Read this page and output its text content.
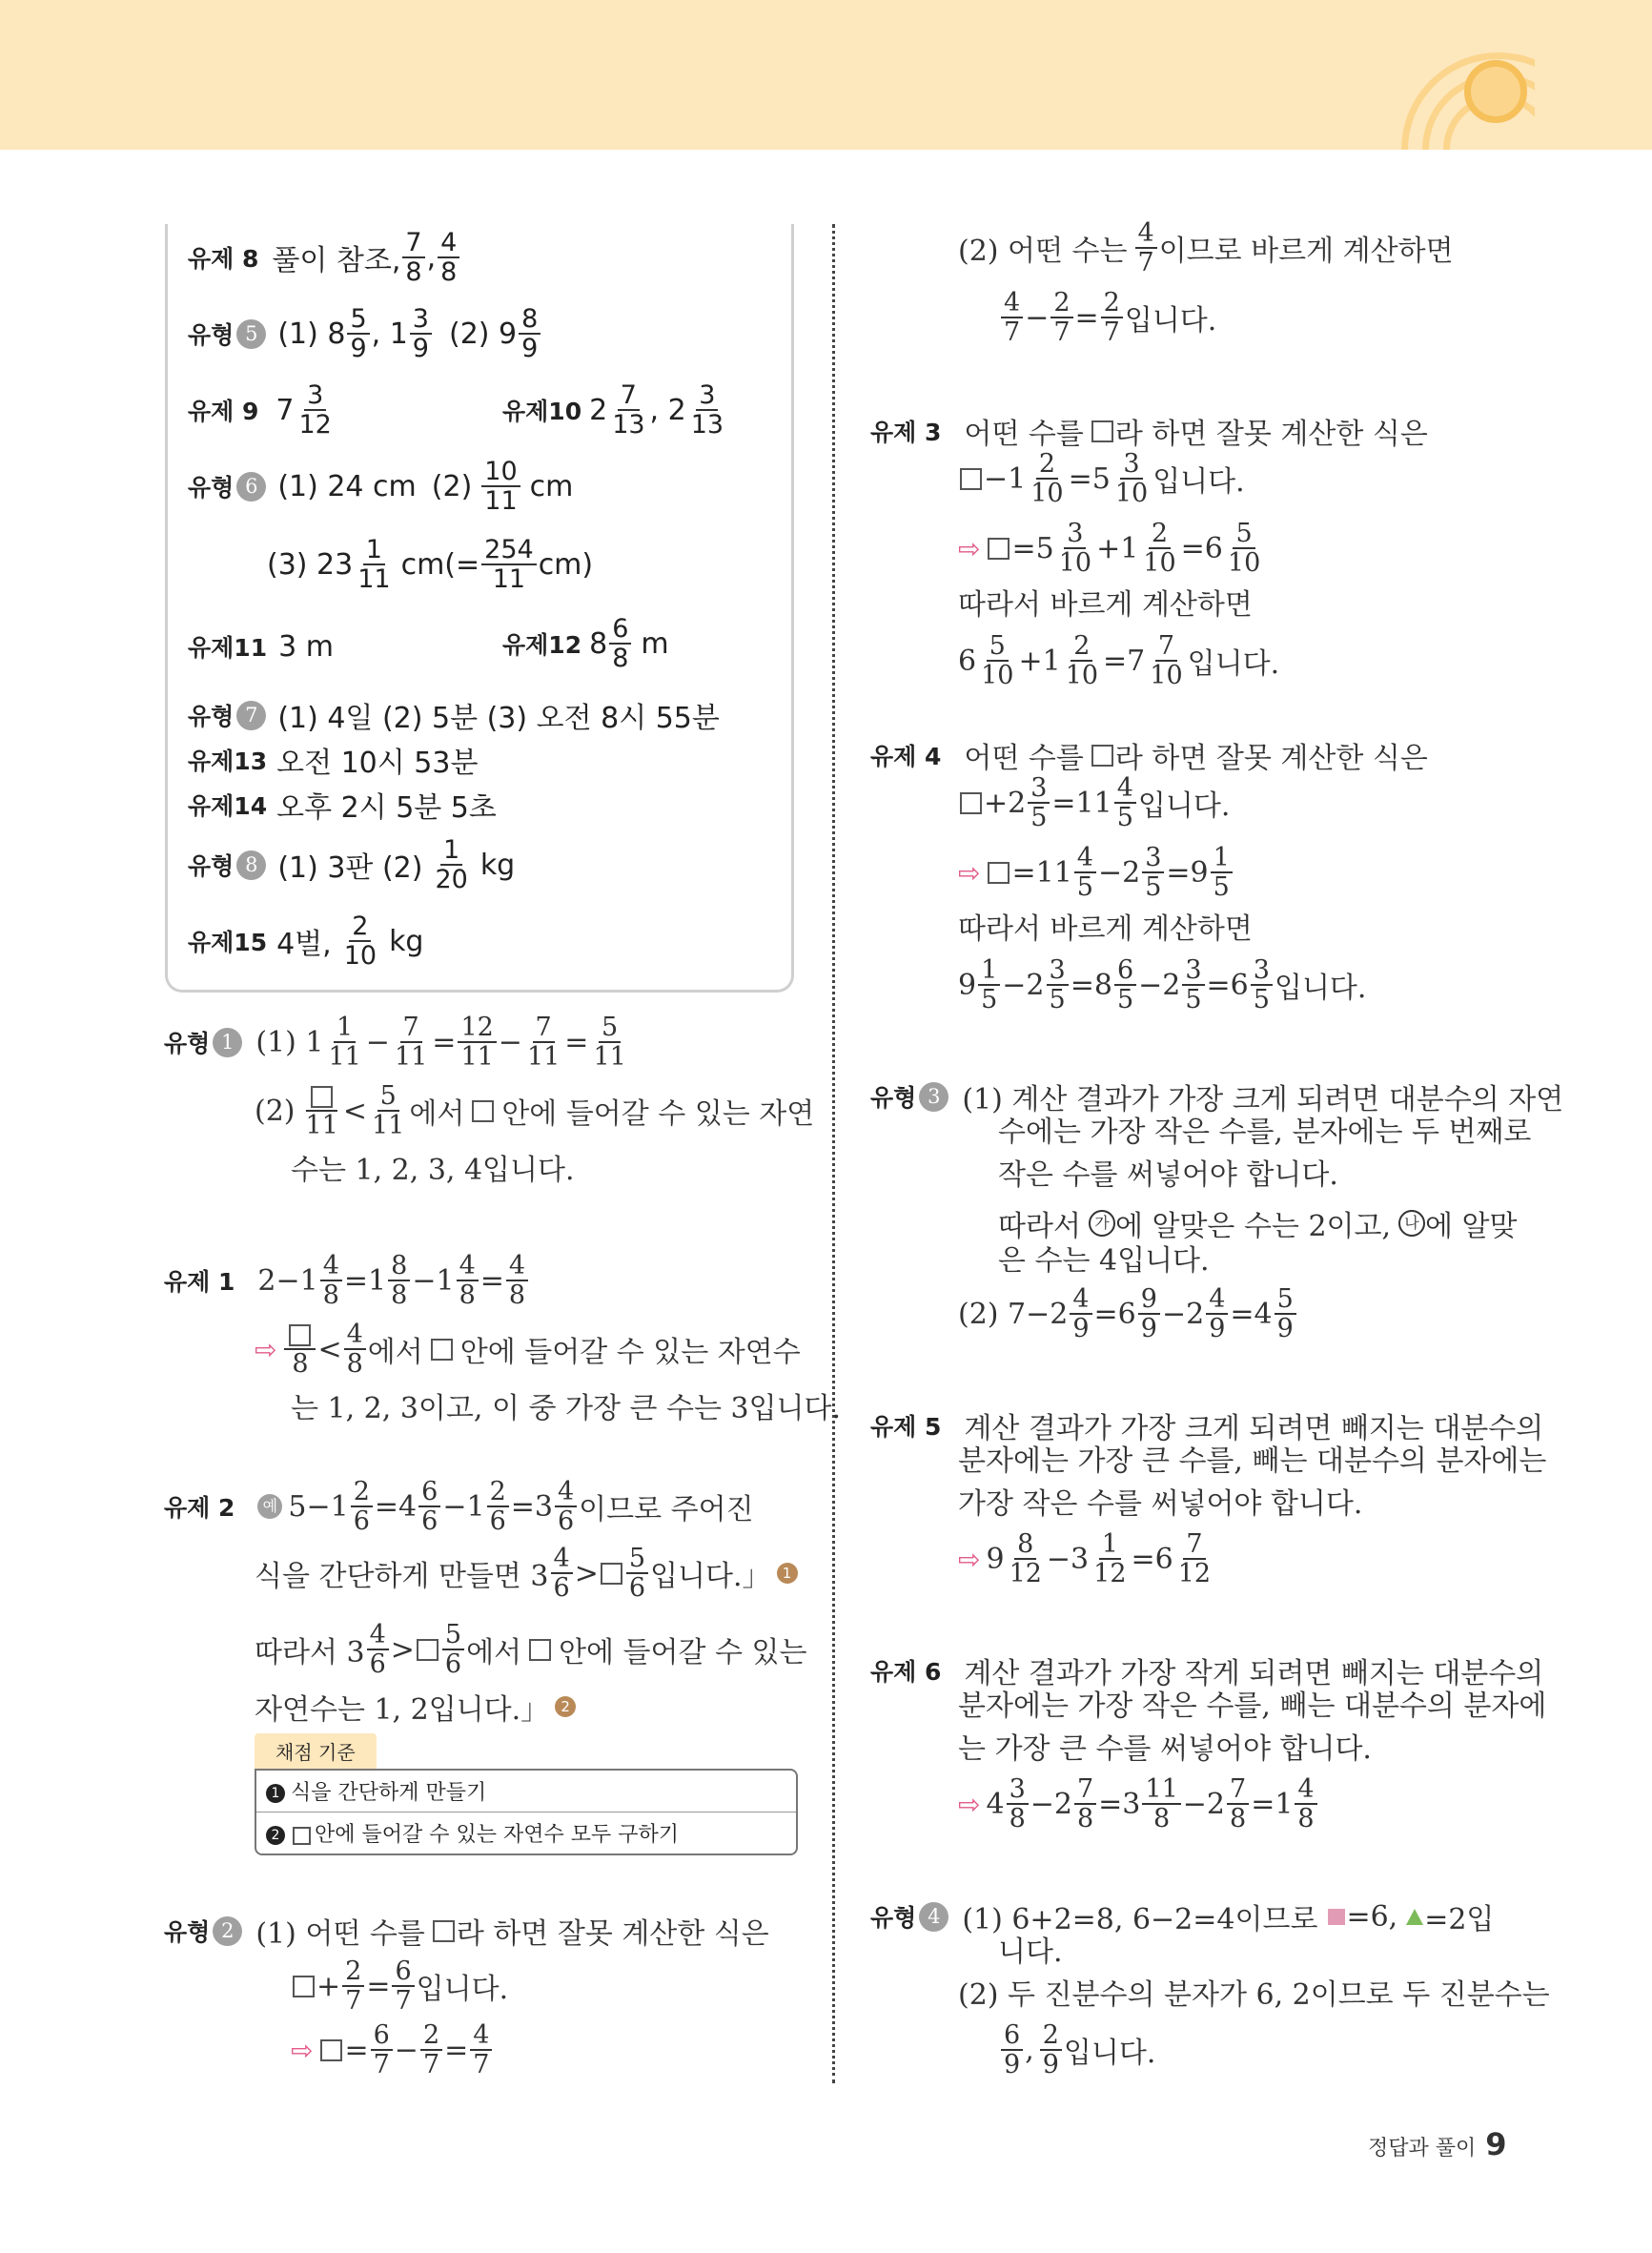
유제 8 풀이 참조, $\frac{7}{8}$ , $\frac{4}{8}$
유형 5 (1) $8 \frac{5}{9}$ , $1 \frac{3}{9} (2)$ $9 \frac{8}{9}$
유제 9 $7 \frac{3}{12}$	유제10 $2 \frac{7}{13}$ , $2 \frac{3}{13}$
유형 6 (1) 24 cm $(2) \frac{10}{11}$ cm
(3) $23 \frac{1}{11} cm(= \frac{254}{11} cm)$
유제11 3 m	유제12 $8 \frac{6}{8}$ m
유형 7 (1) 4일 (2) 5분 (3) 오전 8시 55분
유제13 오전 10시 53분
유제14 오후 2시 5분 5초
유형 8 (1) 3판 $(2) \frac{1}{20}$ kg
유제15 4벌, $\frac{2}{10}$ kg
유형 1 (1) $1 \frac{1}{11} - \frac{7}{11} = \frac{12}{11} - \frac{7}{11} = \frac{5}{11}$
(2) $11 < \frac{5}{11}$ 에서 안에 들어갈 수 있는 자연
수는 1, 2, 3, 4입니다.
유제 1 $2-1 \frac{4}{8} =1 \frac{8}{8} -1 \frac{4}{8} = \frac{4}{8}$
⇨ $8 < \frac{4}{8}$ 에서 안에 들어갈 수 있는 자연수
는 1, 2, 3이고, 이 중 가장 큰 수는 3입니다.
유제 2	예 $5-1 \frac{2}{6} =4 \frac{6}{6} -1 \frac{2}{6} =3 \frac{4}{6}$ 이므로 주어진
식을 간단하게 만들면 $3 \frac{4}{6} > \frac{5}{6}$ 입니다.」 1
따라서 $3 \frac{4}{6} > \frac{5}{6}$ 에서 안에 들어갈 수 있는
자연수는 1, 2입니다.」 2
채점 기준
1 식을 간단하게 만들기
2 안에 들어갈 수 있는 자연수 모두 구하기
유형 2 (1) 어떤 수를 라 하면 잘못 계산한 식은
+ $\frac{2}{7} = \frac{6}{7}$ 입니다.
⇨ = $\frac{6}{7} - \frac{2}{7} = \frac{4}{7}$
(2) 어떤 수는 $\frac{4}{7}$ 이므로 바르게 계산하면
$\frac{4}{7} - \frac{2}{7} = \frac{2}{7}$ 입니다.
유제 3 어떤 수를 라 하면 잘못 계산한 식은
$-1 \frac{2}{10} =5 \frac{3}{10}$ 입니다.
⇨ $=5 \frac{3}{10} +1 \frac{2}{10} =6 \frac{5}{10}$
따라서 바르게 계산하면
$6 \frac{5}{10} +1 \frac{2}{10} =7 \frac{7}{10}$ 입니다.
유제 4 어떤 수를 라 하면 잘못 계산한 식은
$+2 \frac{3}{5} =11 \frac{4}{5}$ 입니다.
⇨ $=11 \frac{4}{5} -2 \frac{3}{5} =9 \frac{1}{5}$
따라서 바르게 계산하면
$9 \frac{1}{5} -2 \frac{3}{5} =8 \frac{6}{5} -2 \frac{3}{5} =6 \frac{3}{5}$ 입니다.
유형 3 (1) 계산 결과가 가장 크게 되려면 대분수의 자연
수에는 가장 작은 수를, 분자에는 두 번째로
작은 수를 써넣어야 합니다.
따라서 가 에 알맞은 수는 2이고, 나 에 알맞
은 수는 4입니다.
(2) $7-2 \frac{4}{9} =6 \frac{9}{9} -2 \frac{4}{9} =4 \frac{5}{9}$
유제 5 계산 결과가 가장 크게 되려면 빼지는 대분수의
분자에는 가장 큰 수를, 빼는 대분수의 분자에는
가장 작은 수를 써넣어야 합니다.
⇨ $9 \frac{8}{12} -3 \frac{1}{12} =6 \frac{7}{12}$
유제 6 계산 결과가 가장 작게 되려면 빼지는 대분수의
분자에는 가장 작은 수를, 빼는 대분수의 분자에
는 가장 큰 수를 써넣어야 합니다.
⇨ $4 \frac{3}{8} -2 \frac{7}{8} =3 \frac{11}{8} -2 \frac{7}{8} =1 \frac{4}{8}$
유형 4 (1) 6+2=8, 6−2=4이므로 =6, =2입
니다.
(2) 두 진분수의 분자가 6, 2이므로 두 진분수는
$\frac{6}{9}$ , $\frac{2}{9}$ 입니다.
정답과 풀이 9
